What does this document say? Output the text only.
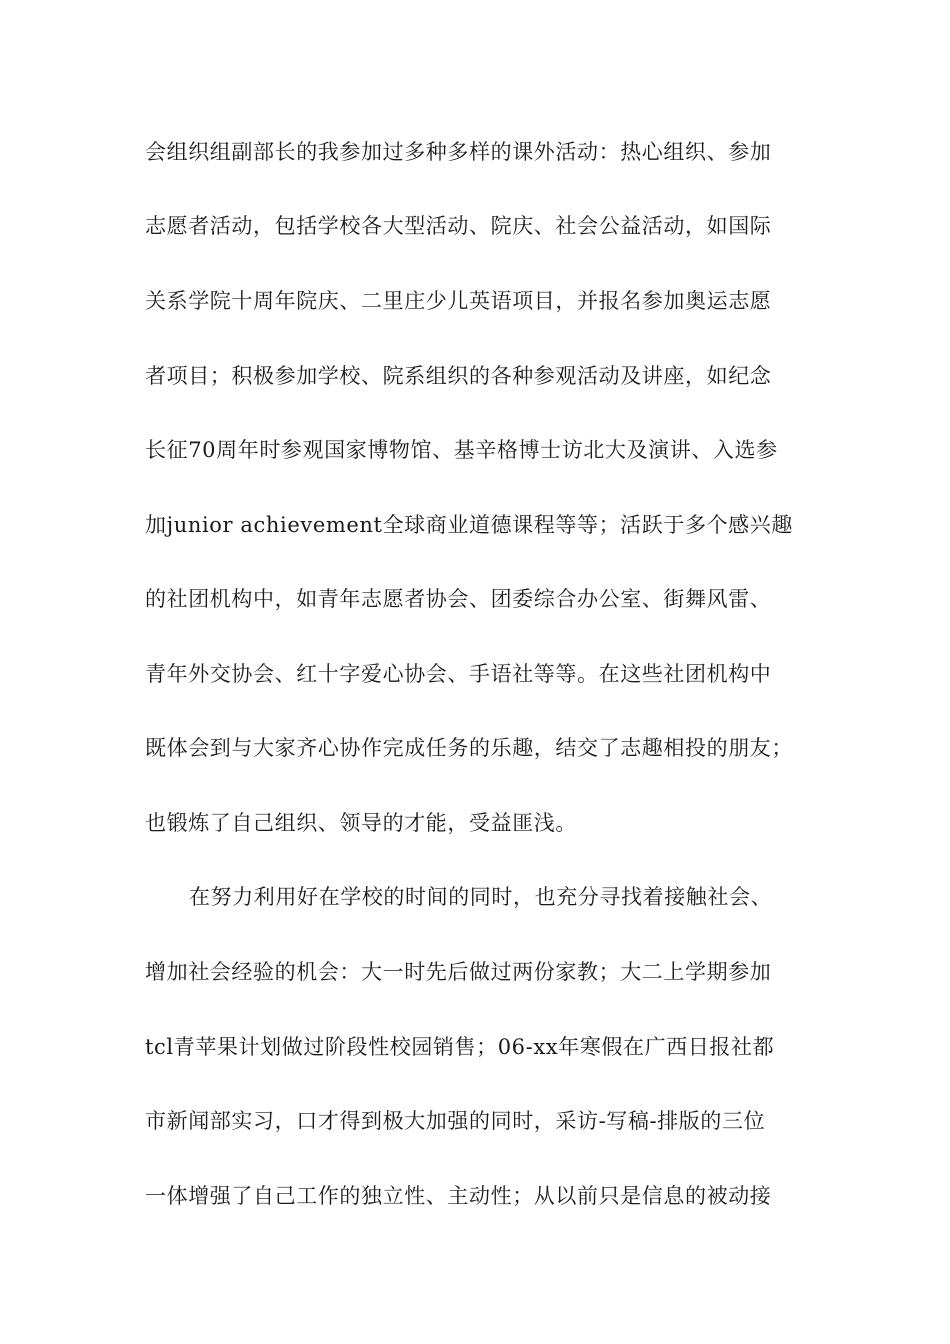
会组织组副部长的我参加过多种多样的课外活动：热心组织、参加
志愿者活动，包括学校各大型活动、院庆、社会公益活动，如国际
关系学院十周年院庆、二里庄少儿英语项目，并报名参加奥运志愿
者项目；积极参加学校、院系组织的各种参观活动及讲座，如纪念
长征70周年时参观国家博物馆、基辛格博士访北大及演讲、入选参
加junior achievement全球商业道德课程等等；活跃于多个感兴趣
的社团机构中，如青年志愿者协会、团委综合办公室、街舞风雷、
青年外交协会、红十字爱心协会、手语社等等。在这些社团机构中
既体会到与大家齐心协作完成任务的乐趣，结交了志趣相投的朋友；
也锻炼了自己组织、领导的才能，受益匪浅。
在努力利用好在学校的时间的同时，也充分寻找着接触社会、
增加社会经验的机会：大一时先后做过两份家教；大二上学期参加
tcl青苹果计划做过阶段性校园销售；06-xx年寒假在广西日报社都
市新闻部实习，口才得到极大加强的同时，采访-写稿-排版的三位
一体增强了自己工作的独立性、主动性；从以前只是信息的被动接
